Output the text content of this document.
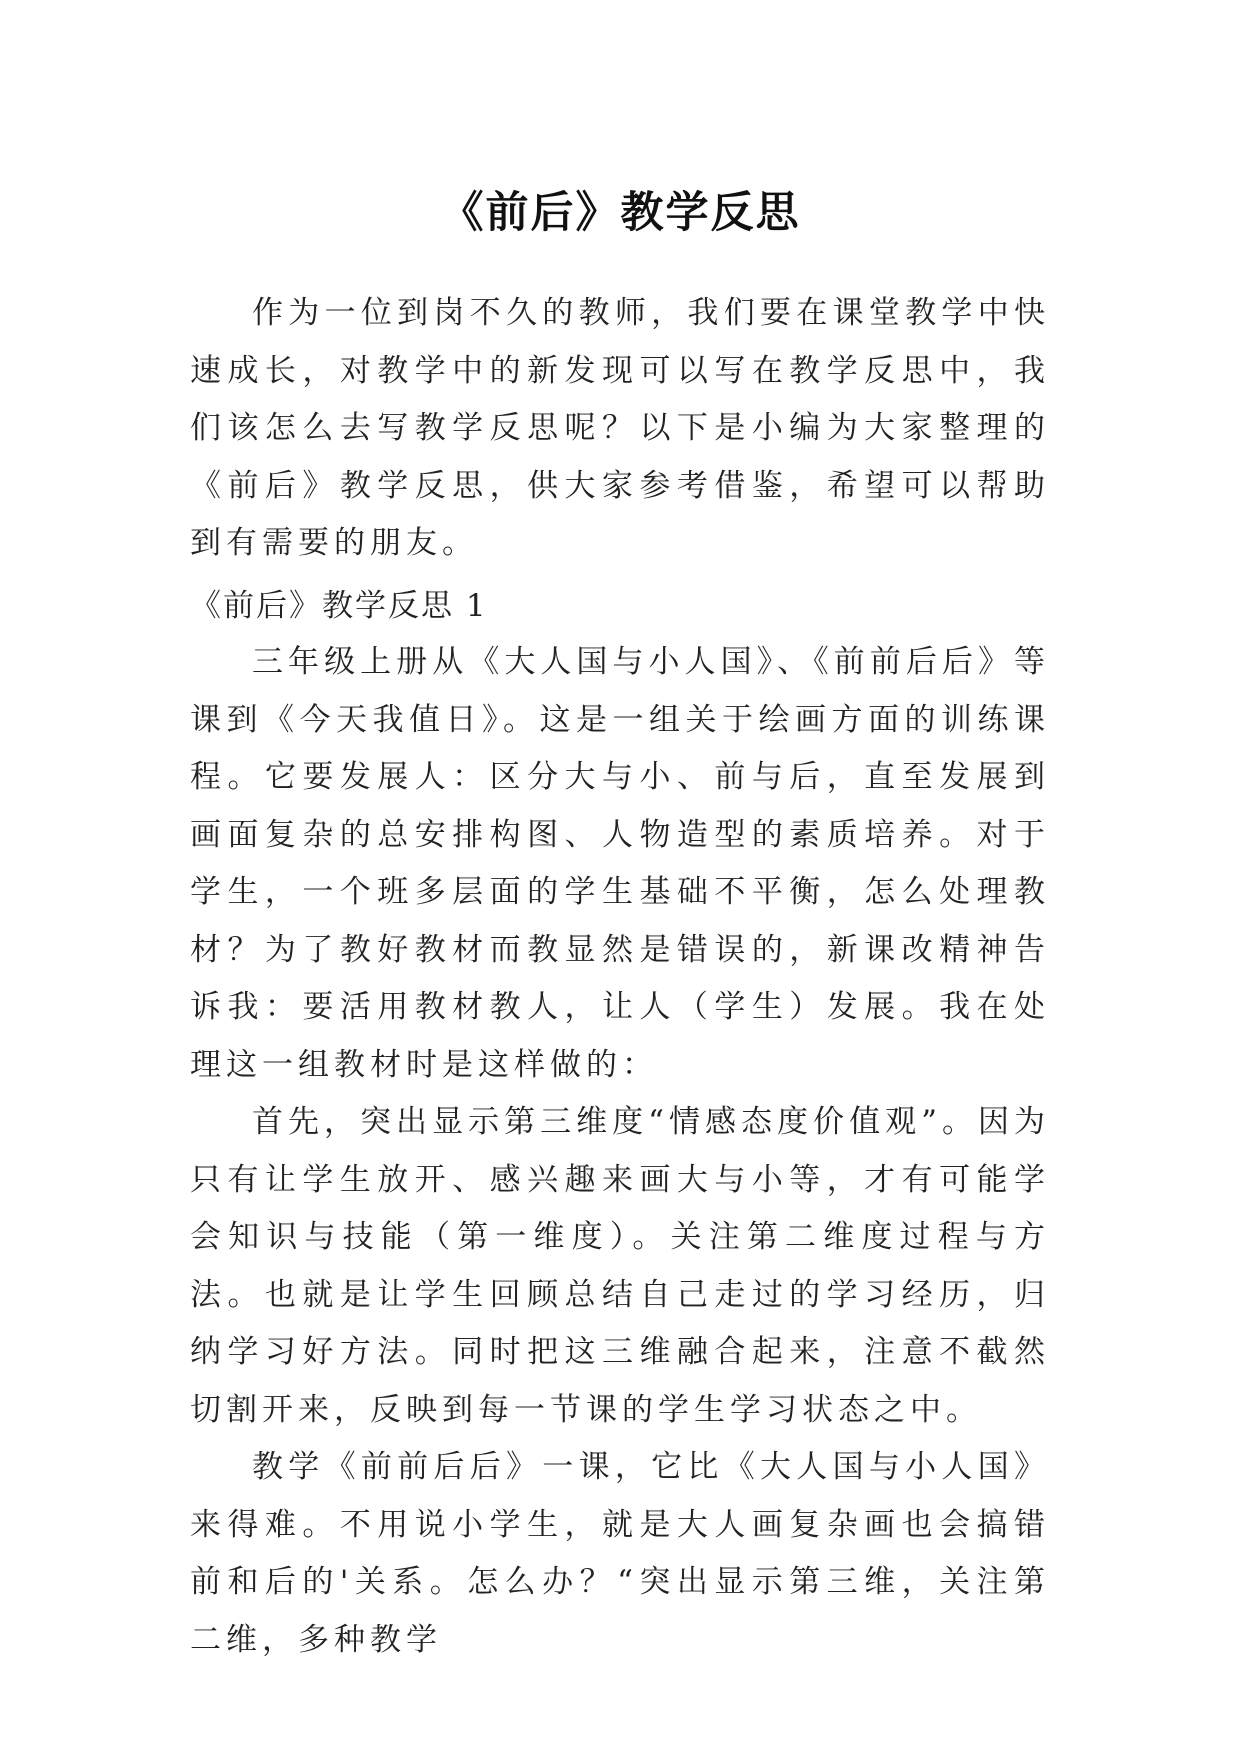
《前后》教学反思

作为一位到岗不久的教师，我们要在课堂教学中快速成长，对教学中的新发现可以写在教学反思中，我们该怎么去写教学反思呢？以下是小编为大家整理的《前后》教学反思，供大家参考借鉴，希望可以帮助到有需要的朋友。

《前后》教学反思 1

三年级上册从《大人国与小人国》、《前前后后》等课到《今天我值日》。这是一组关于绘画方面的训练课程。它要发展人：区分大与小、前与后，直至发展到画面复杂的总安排构图、人物造型的素质培养。对于学生，一个班多层面的学生基础不平衡，怎么处理教材？为了教好教材而教显然是错误的，新课改精神告诉我：要活用教材教人，让人（学生）发展。我在处理这一组教材时是这样做的：

首先，突出显示第三维度“情感态度价值观”。因为只有让学生放开、感兴趣来画大与小等，才有可能学会知识与技能（第一维度）。关注第二维度过程与方法。也就是让学生回顾总结自己走过的学习经历，归纳学习好方法。同时把这三维融合起来，注意不截然切割开来，反映到每一节课的学生学习状态之中。

教学《前前后后》一课，它比《大人国与小人国》来得难。不用说小学生，就是大人画复杂画也会搞错前和后的'关系。怎么办？“突出显示第三维，关注第二维，多种教学
